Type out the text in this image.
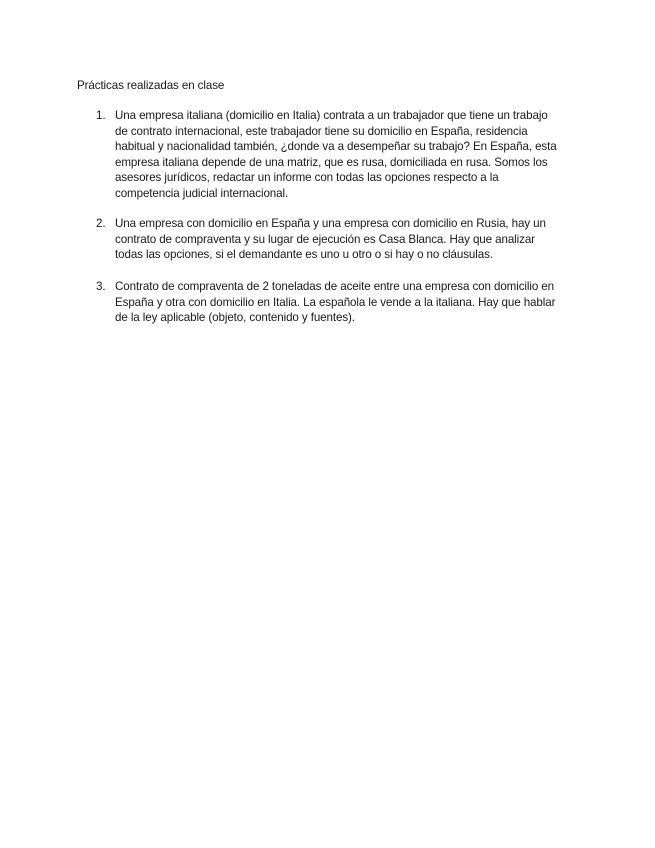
Prácticas realizadas en clase
1. Una empresa italiana (domicilio en Italia) contrata a un trabajador que tiene un trabajo
de contrato internacional, este trabajador tiene su domicilio en España, residencia
habitual y nacionalidad también, ¿donde va a desempeñar su trabajo? En España, esta
empresa italiana depende de una matriz, que es rusa, domiciliada en rusa. Somos los
asesores jurídicos, redactar un informe con todas las opciones respecto a la
competencia judicial internacional.
2. Una empresa con domicilio en España y una empresa con domicilio en Rusia, hay un
contrato de compraventa y su lugar de ejecución es Casa Blanca. Hay que analizar
todas las opciones, si el demandante es uno u otro o si hay o no cláusulas.
3. Contrato de compraventa de 2 toneladas de aceite entre una empresa con domicilio en
España y otra con domicilio en Italia. La española le vende a la italiana. Hay que hablar
de la ley aplicable (objeto, contenido y fuentes).
